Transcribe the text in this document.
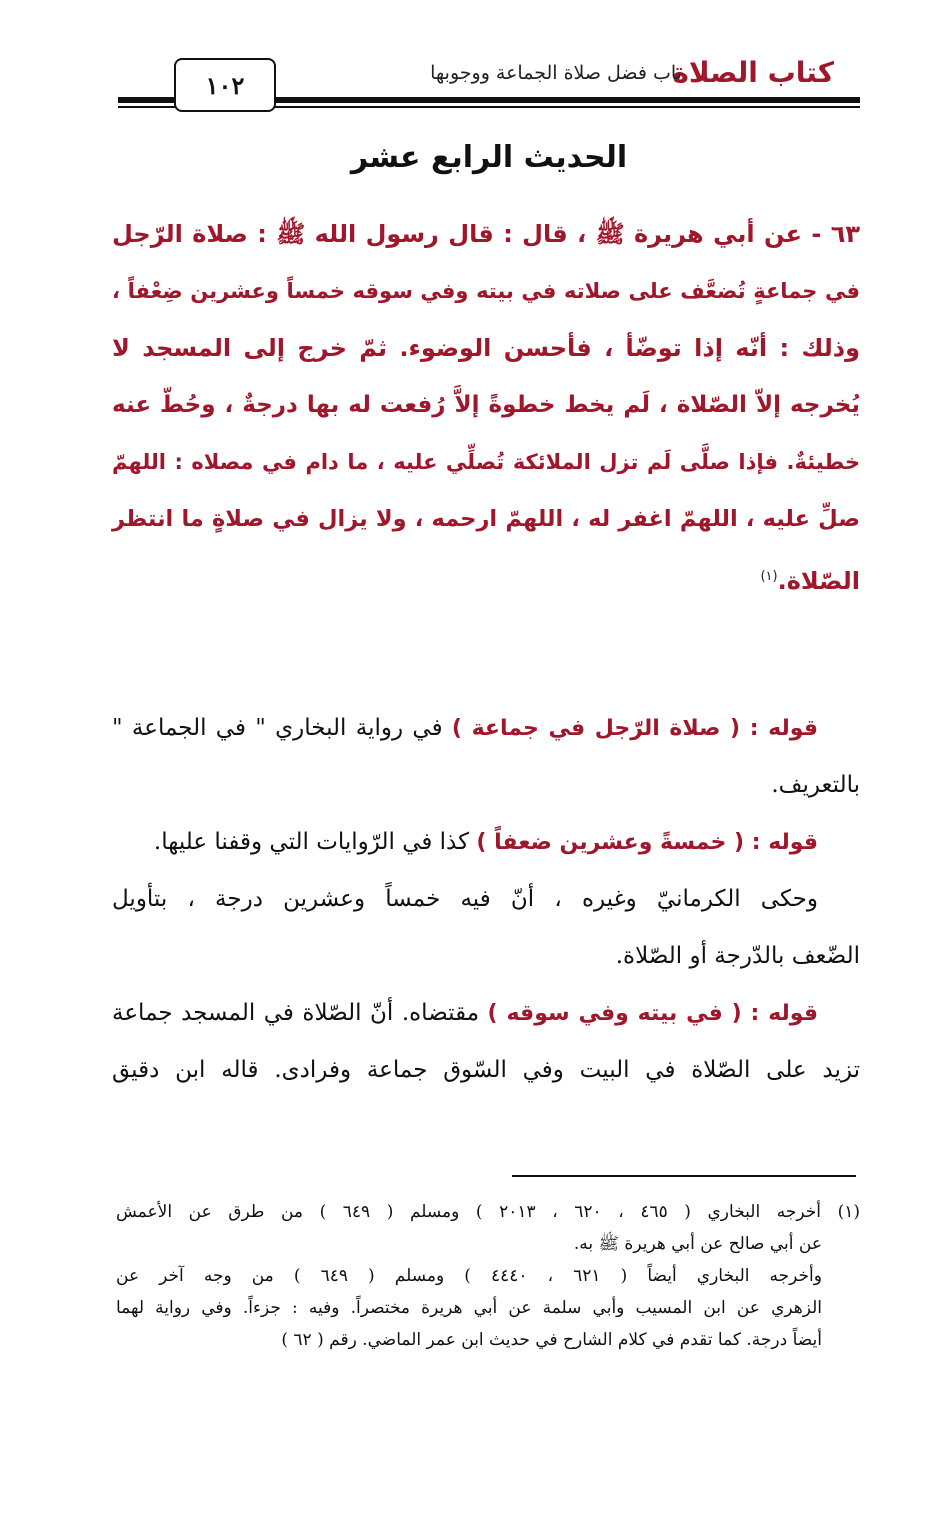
كتاب الصلاة
باب فضل صلاة الجماعة ووجوبها
١٠٢
الحديث الرابع عشر
٦٣ - عن أبي هريرة ﷺ ، قال : قال رسول الله ﷺ : صلاة الرّجل
في جماعةٍ تُضعَّف على صلاته في بيته وفي سوقه خمساً وعشرين ضِعْفاً ،
وذلك : أنّه إذا توضّأ ، فأحسن الوضوء. ثمّ خرج إلى المسجد لا
يُخرجه إلاّ الصّلاة ، لَم يخط خطوةً إلاَّ رُفعت له بها درجةٌ ، وحُطّ عنه
خطيئةٌ. فإذا صلَّى لَم تزل الملائكة تُصلِّي عليه ، ما دام في مصلاه : اللهمّ
صلِّ عليه ، اللهمّ اغفر له ، اللهمّ ارحمه ، ولا يزال في صلاةٍ ما انتظر
الصّلاة.$^{(١)}$
قوله : ( صلاة الرّجل في جماعة ) في رواية البخاري " في الجماعة "
بالتعريف.
قوله : ( خمسةً وعشرين ضعفاً ) كذا في الرّوايات التي وقفنا عليها.
وحكى الكرمانيّ وغيره ، أنّ فيه خمساً وعشرين درجة ، بتأويل
الضّعف بالدّرجة أو الصّلاة.
قوله : ( في بيته وفي سوقه ) مقتضاه. أنّ الصّلاة في المسجد جماعة
تزيد على الصّلاة في البيت وفي السّوق جماعة وفرادى. قاله ابن دقيق
(١) أخرجه البخاري ( ٤٦٥ ، ٦٢٠ ، ٢٠١٣ ) ومسلم ( ٦٤٩ ) من طرق عن الأعمش
عن أبي صالح عن أبي هريرة ﷺ به.
وأخرجه البخاري أيضاً ( ٦٢١ ، ٤٤٤٠ ) ومسلم ( ٦٤٩ ) من وجه آخر عن
الزهري عن ابن المسيب وأبي سلمة عن أبي هريرة مختصراً. وفيه : جزءاً. وفي رواية لهما
أيضاً درجة. كما تقدم في كلام الشارح في حديث ابن عمر الماضي. رقم ( ٦٢ )
